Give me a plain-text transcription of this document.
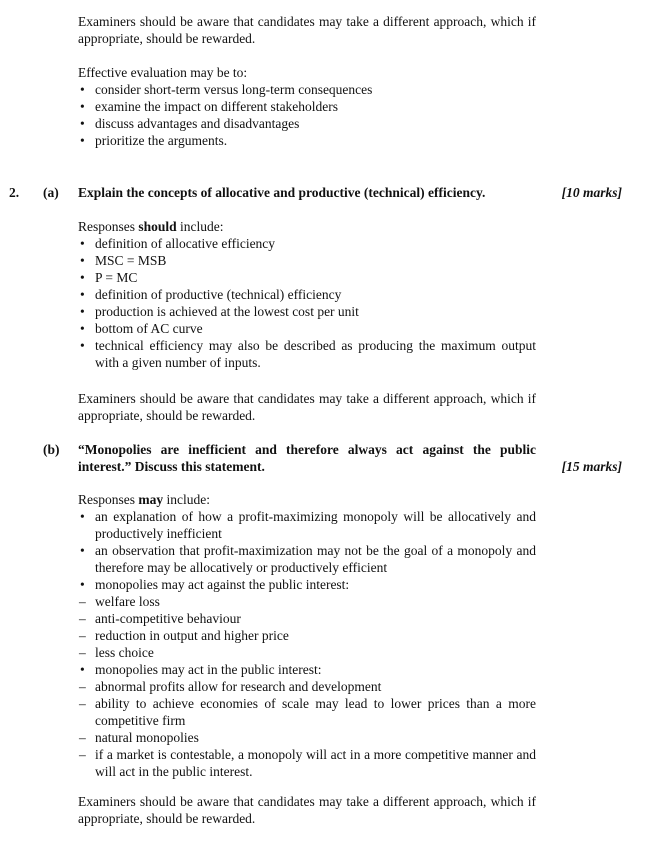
Examiners should be aware that candidates may take a different approach, which if appropriate, should be rewarded.

Effective evaluation may be to:

• consider short-term versus long-term consequences
• examine the impact on different stakeholders
• discuss advantages and disadvantages
• prioritize the arguments.
2. (a) Explain the concepts of allocative and productive (technical) efficiency.	[10 marks]

Responses should include:

• definition of allocative efficiency
• MSC = MSB
• P = MC
• definition of productive (technical) efficiency
• production is achieved at the lowest cost per unit
• bottom of AC curve
• technical efficiency may also be described as producing the maximum output with a given number of inputs.

Examiners should be aware that candidates may take a different approach, which if appropriate, should be rewarded.

(b) “Monopolies are inefficient and therefore always act against the public interest.” Discuss this statement.	[15 marks]

Responses may include:

• an explanation of how a profit-maximizing monopoly will be allocatively and productively inefficient
• an observation that profit-maximization may not be the goal of a monopoly and therefore may be allocatively or productively efficient
• monopolies may act against the public interest:
– welfare loss
– anti-competitive behaviour
– reduction in output and higher price
– less choice
• monopolies may act in the public interest:
– abnormal profits allow for research and development
– ability to achieve economies of scale may lead to lower prices than a more competitive firm
– natural monopolies
– if a market is contestable, a monopoly will act in a more competitive manner and will act in the public interest.

Examiners should be aware that candidates may take a different approach, which if appropriate, should be rewarded.
